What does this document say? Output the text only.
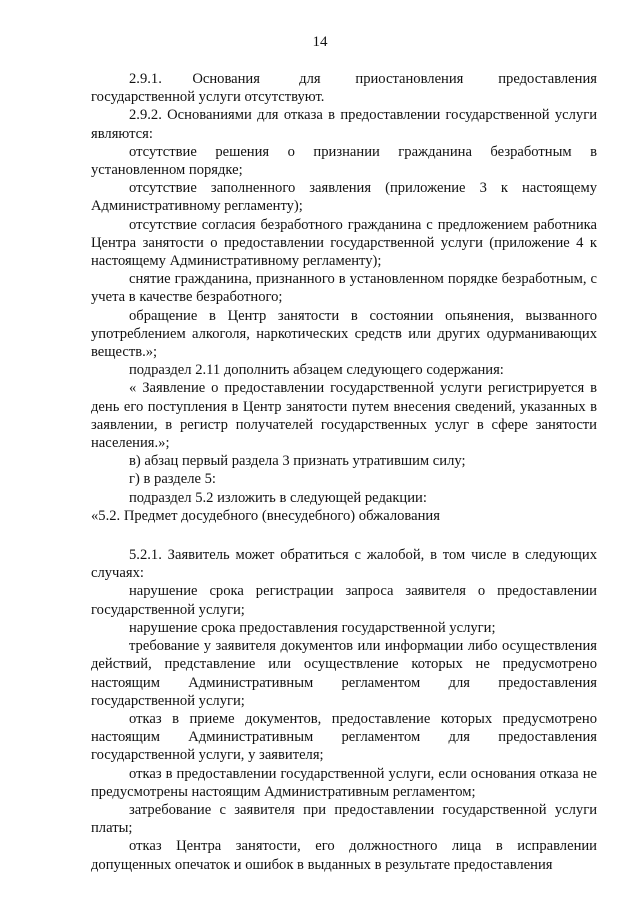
14

2.9.1.       Основания         для        приостановления        предоставления государственной услуги отсутствуют.

2.9.2. Основаниями для отказа в предоставлении государственной услуги являются:

отсутствие решения о признании гражданина безработным в установленном порядке;

отсутствие заполненного заявления (приложение 3 к настоящему Административному регламенту);

отсутствие согласия безработного гражданина с предложением работника Центра занятости о предоставлении государственной услуги (приложение 4 к настоящему Административному регламенту);

снятие гражданина, признанного в установленном порядке безработным, с учета в качестве безработного;

обращение в Центр занятости в состоянии опьянения, вызванного употреблением алкоголя, наркотических средств или других одурманивающих веществ.»;

подраздел 2.11 дополнить абзацем следующего содержания:

« Заявление о предоставлении государственной услуги регистрируется в день его поступления в Центр занятости путем внесения сведений, указанных в заявлении, в регистр получателей государственных услуг в сфере занятости населения.»;

в) абзац первый раздела 3 признать утратившим силу;

г) в разделе 5:

подраздел 5.2 изложить в следующей редакции:

«5.2. Предмет досудебного (внесудебного) обжалования

5.2.1. Заявитель может обратиться с жалобой, в том числе в следующих случаях:

нарушение срока регистрации запроса заявителя о предоставлении государственной услуги;

нарушение срока предоставления государственной услуги;

требование у заявителя документов или информации либо осуществления действий, представление или осуществление которых не предусмотрено настоящим Административным регламентом для предоставления государственной услуги;

отказ в приеме документов, предоставление которых предусмотрено настоящим Административным регламентом для предоставления государственной услуги, у заявителя;

отказ в предоставлении государственной услуги, если основания отказа не предусмотрены настоящим Административным регламентом;

затребование с заявителя при предоставлении государственной услуги платы;

отказ Центра занятости, его должностного лица в исправлении допущенных опечаток и ошибок в выданных в результате предоставления
